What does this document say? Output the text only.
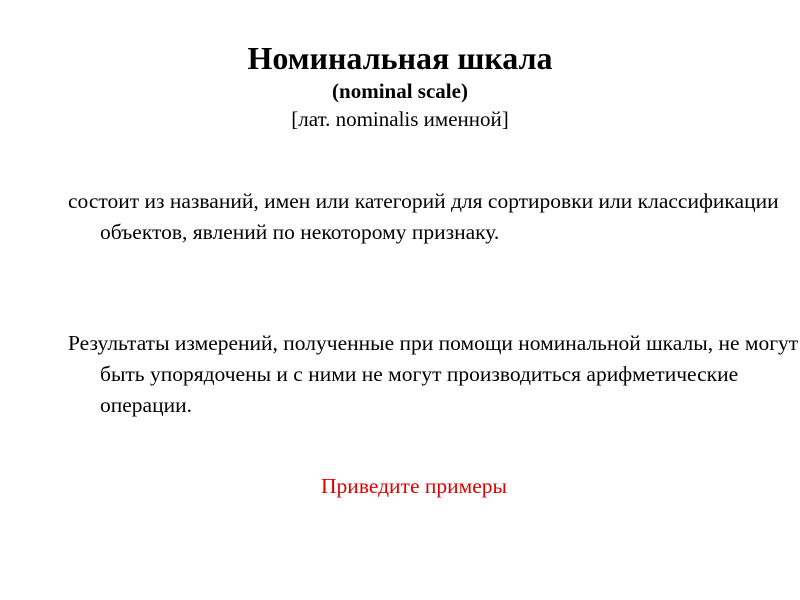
Номинальная шкала
(nominal scale)
[лат. nominalis именной]

состоит из названий, имен или категорий для сортировки или классификации объектов, явлений по некоторому признаку.

Результаты измерений, полученные при помощи номинальной шкалы, не могут быть упорядочены и с ними не могут производиться арифметические операции.

Приведите примеры
